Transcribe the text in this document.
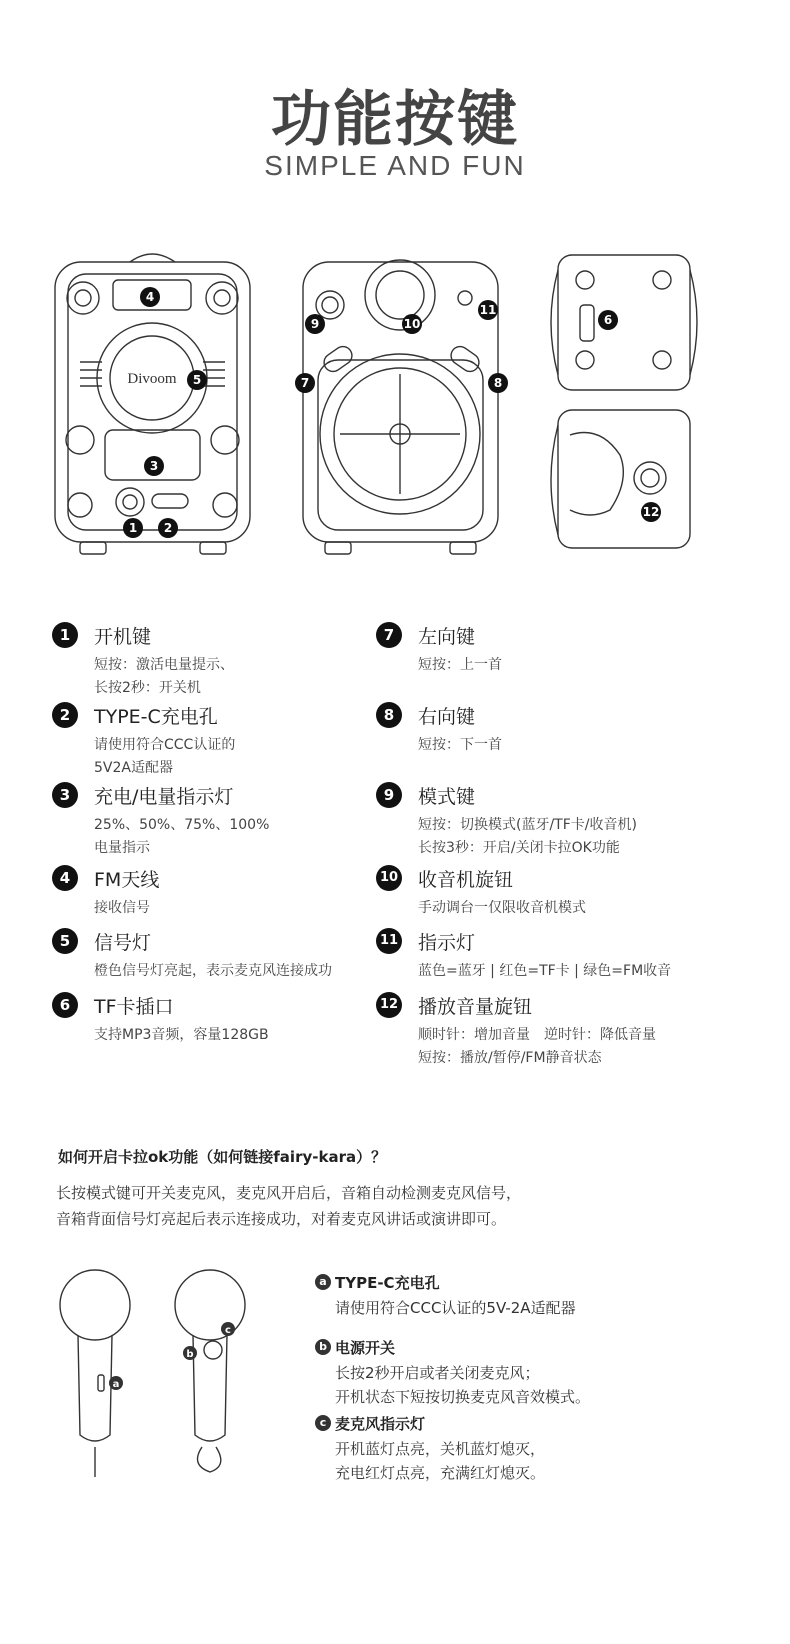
功能按键
SIMPLE AND FUN
Divoom
4
5
3
1	2
9	10
11
7	8
6
12
1	开机键
短按：激活电量提示、
长按2秒：开关机
2	TYPE-C充电孔
请使用符合CCC认证的
5V2A适配器
3	充电/电量指示灯
25%、50%、75%、100%
电量指示
4	FM天线
接收信号
5	信号灯
橙色信号灯亮起，表示麦克风连接成功
6	TF卡插口
支持MP3音频，容量128GB
7	左向键
短按：上一首
8	右向键
短按：下一首
9	模式键
短按：切换模式(蓝牙/TF卡/收音机)
长按3秒：开启/关闭卡拉OK功能
10 收音机旋钮
手动调台一仅限收音机模式
11 指示灯
蓝色=蓝牙 | 红色=TF卡 | 绿色=FM收音
12 播放音量旋钮
顺时针：增加音量　逆时针：降低音量
短按：播放/暂停/FM静音状态
如何开启卡拉ok功能（如何链接fairy-kara）？
长按模式键可开关麦克风，麦克风开启后，音箱自动检测麦克风信号，
音箱背面信号灯亮起后表示连接成功，对着麦克风讲话或演讲即可。
a
b
c
a TYPE-C充电孔
请使用符合CCC认证的5V-2A适配器
b 电源开关
长按2秒开启或者关闭麦克风；
开机状态下短按切换麦克风音效模式。
c 麦克风指示灯
开机蓝灯点亮，关机蓝灯熄灭，
充电红灯点亮，充满红灯熄灭。
